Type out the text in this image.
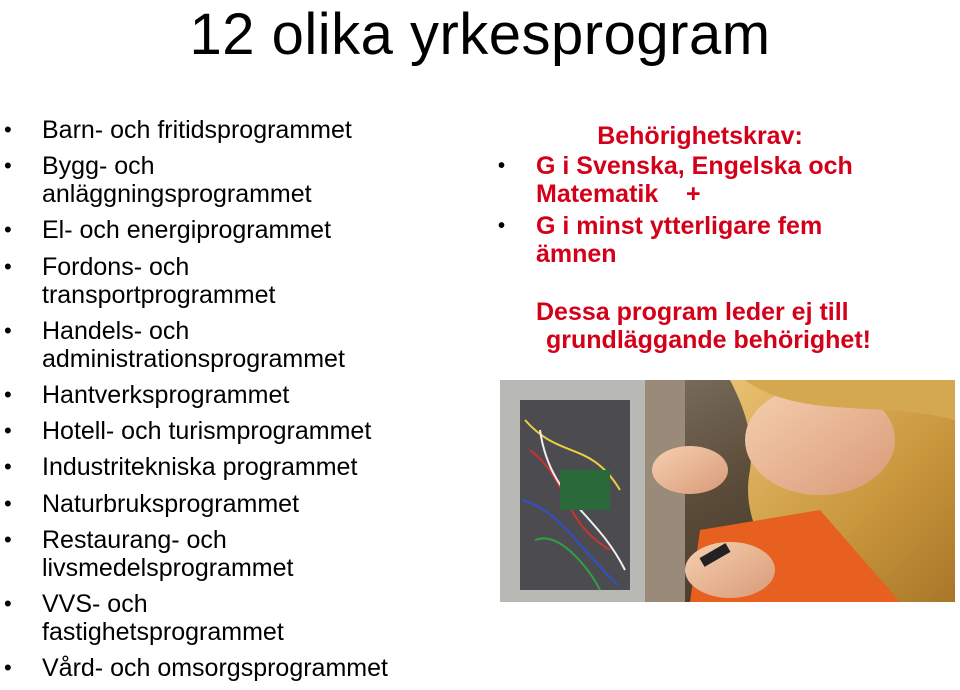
12 olika yrkesprogram
• Barn- och fritidsprogrammet
• Bygg- och
anläggningsprogrammet
• El- och energiprogrammet
• Fordons- och
transportprogrammet
• Handels- och
administrationsprogrammet
• Hantverksprogrammet
• Hotell- och turismprogrammet
• Industritekniska programmet
• Naturbruksprogrammet
• Restaurang- och
livsmedelsprogrammet
• VVS- och
fastighetsprogrammet
• Vård- och omsorgsprogrammet
Behörighetskrav:
• G i Svenska, Engelska och
Matematik    +
• G i minst ytterligare fem
ämnen
Dessa program leder ej till
grundläggande behörighet!
